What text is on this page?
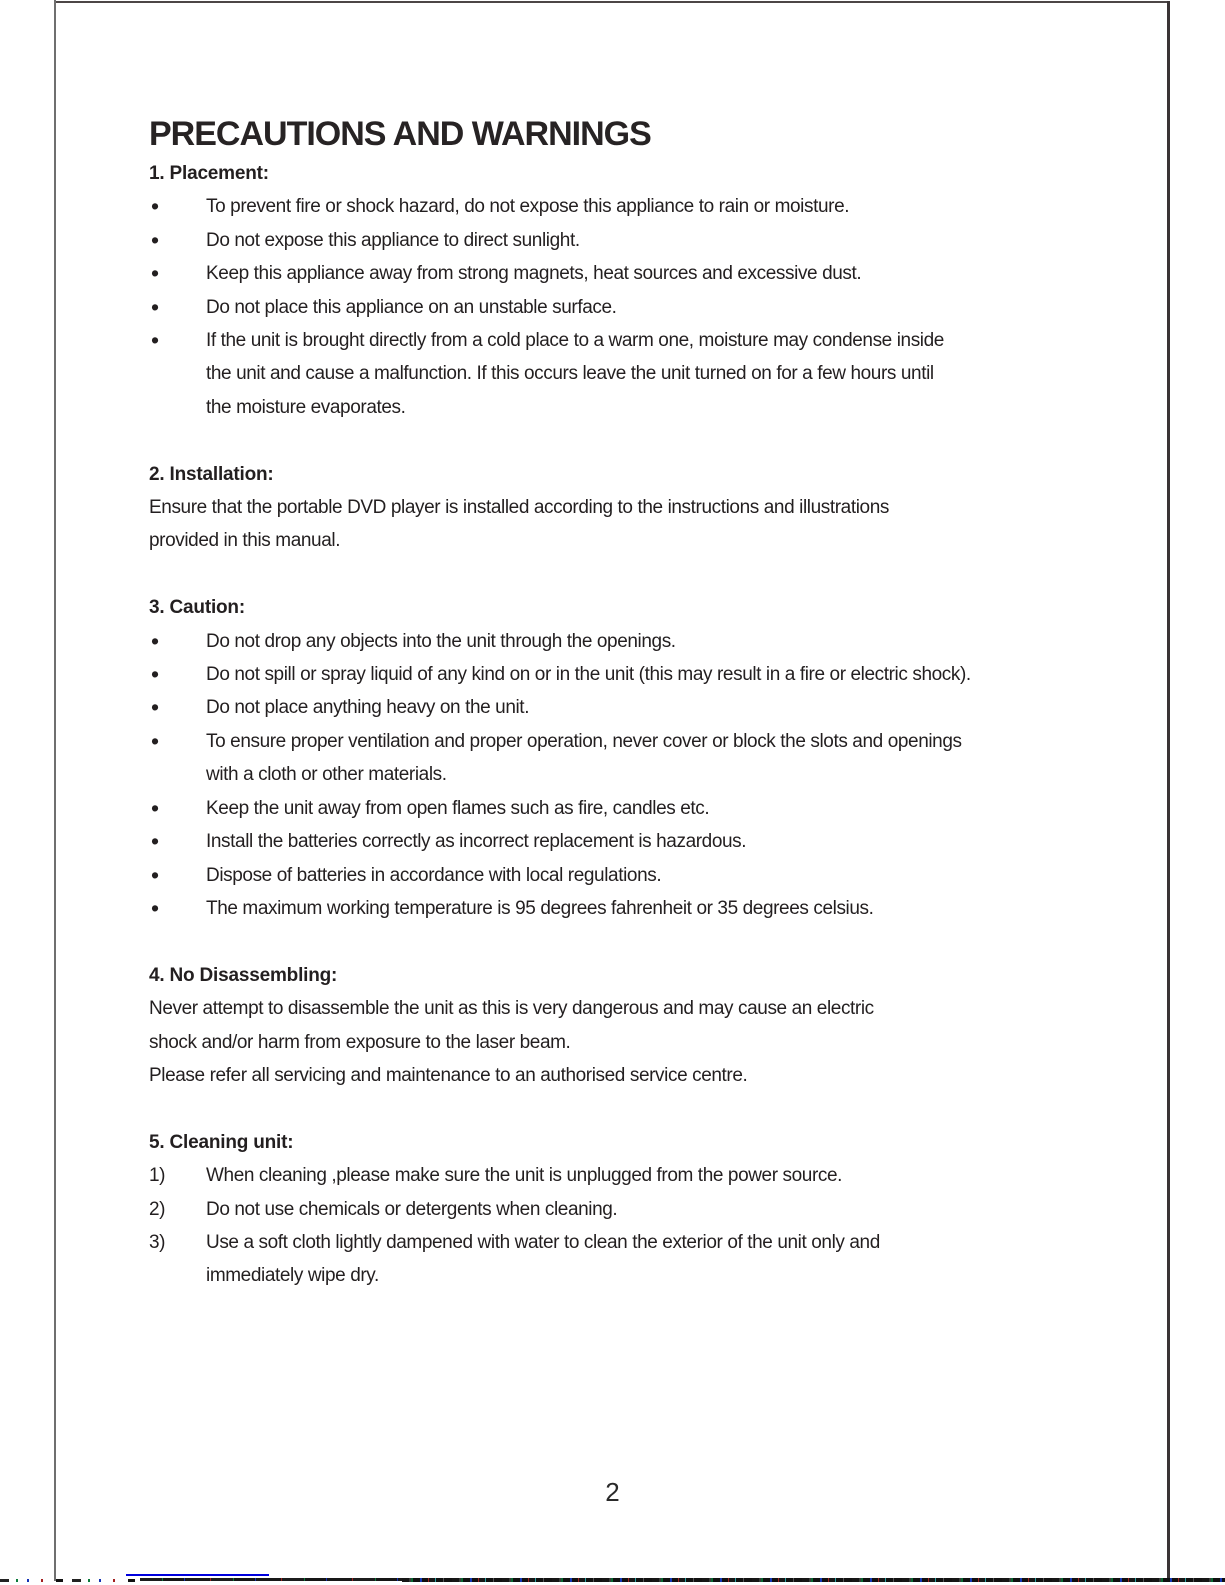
PRECAUTIONS AND WARNINGS
1. Placement:
•	To prevent fire or shock hazard, do not expose this appliance to rain or moisture.
•	Do not expose this appliance to direct sunlight.
•	Keep this appliance away from strong magnets, heat sources and excessive dust.
•	Do not place this appliance on an unstable surface.
•	If the unit is brought directly from a cold place to a warm one, moisture may condense inside
the unit and cause a malfunction. If this occurs leave the unit turned on for a few hours until
the moisture evaporates.
2. Installation:
Ensure that the portable DVD player is installed according to the instructions and illustrations
provided in this manual.
3. Caution:
•	Do not drop any objects into the unit through the openings.
•	Do not spill or spray liquid of any kind on or in the unit (this may result in a fire or electric shock).
•	Do not place anything heavy on the unit.
•	To ensure proper ventilation and proper operation, never cover or block the slots and openings
with a cloth or other materials.
•	Keep the unit away from open flames such as fire, candles etc.
•	Install the batteries correctly as incorrect replacement is hazardous.
•	Dispose of batteries in accordance with local regulations.
•	The maximum working temperature is 95 degrees fahrenheit or 35 degrees celsius.
4. No Disassembling:
Never attempt to disassemble the unit as this is very dangerous and may cause an electric
shock and/or harm from exposure to the laser beam.
Please refer all servicing and maintenance to an authorised service centre.
5. Cleaning unit:
1)	When cleaning ,please make sure the unit is unplugged from the power source.
2)	Do not use chemicals or detergents when cleaning.
3)	Use a soft cloth lightly dampened with water to clean the exterior of the unit only and
immediately wipe dry.
2
